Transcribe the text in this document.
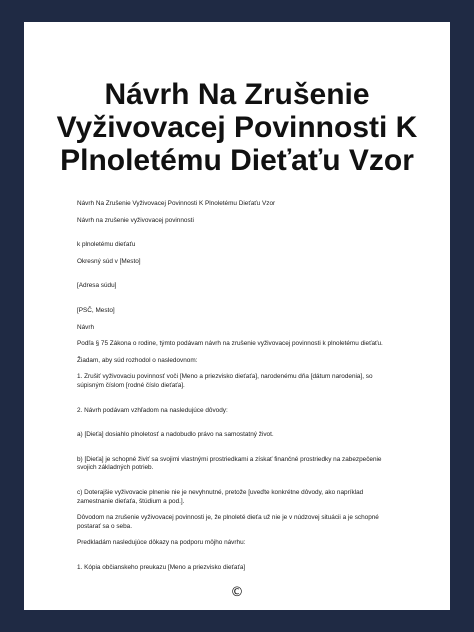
Návrh Na Zrušenie Vyživovacej Povinnosti K Plnoletému Dieťaťu Vzor

Návrh Na Zrušenie Vyživovacej Povinnosti K Plnoletému Dieťaťu Vzor

Návrh na zrušenie vyživovacej povinnosti

k plnoletému dieťaťu

Okresný súd v [Mesto]

[Adresa súdu]

[PSČ, Mesto]

Návrh

Podľa § 75 Zákona o rodine, týmto podávam návrh na zrušenie vyživovacej povinnosti k plnoletému dieťaťu.

Žiadam, aby súd rozhodol o nasledovnom:

1. Zrušiť vyživovaciu povinnosť voči [Meno a priezvisko dieťaťa], narodenému dňa [dátum narodenia], so súpisným číslom [rodné číslo dieťaťa].

2. Návrh podávam vzhľadom na nasledujúce dôvody:

a) [Dieťa] dosiahlo plnoletosť a nadobudlo právo na samostatný život.

b) [Dieťa] je schopné živiť sa svojimi vlastnými prostriedkami a získať finančné prostriedky na zabezpečenie svojich základných potrieb.

c) Doterajšie vyživovacie plnenie nie je nevyhnutné, pretože [uveďte konkrétne dôvody, ako napríklad zamestnanie dieťaťa, štúdium a pod.].

Dôvodom na zrušenie vyživovacej povinnosti je, že plnoleté dieťa už nie je v núdzovej situácii a je schopné postarať sa o seba.

Predkladám nasledujúce dôkazy na podporu môjho návrhu:

1. Kópia občianskeho preukazu [Meno a priezvisko dieťaťa]

©
